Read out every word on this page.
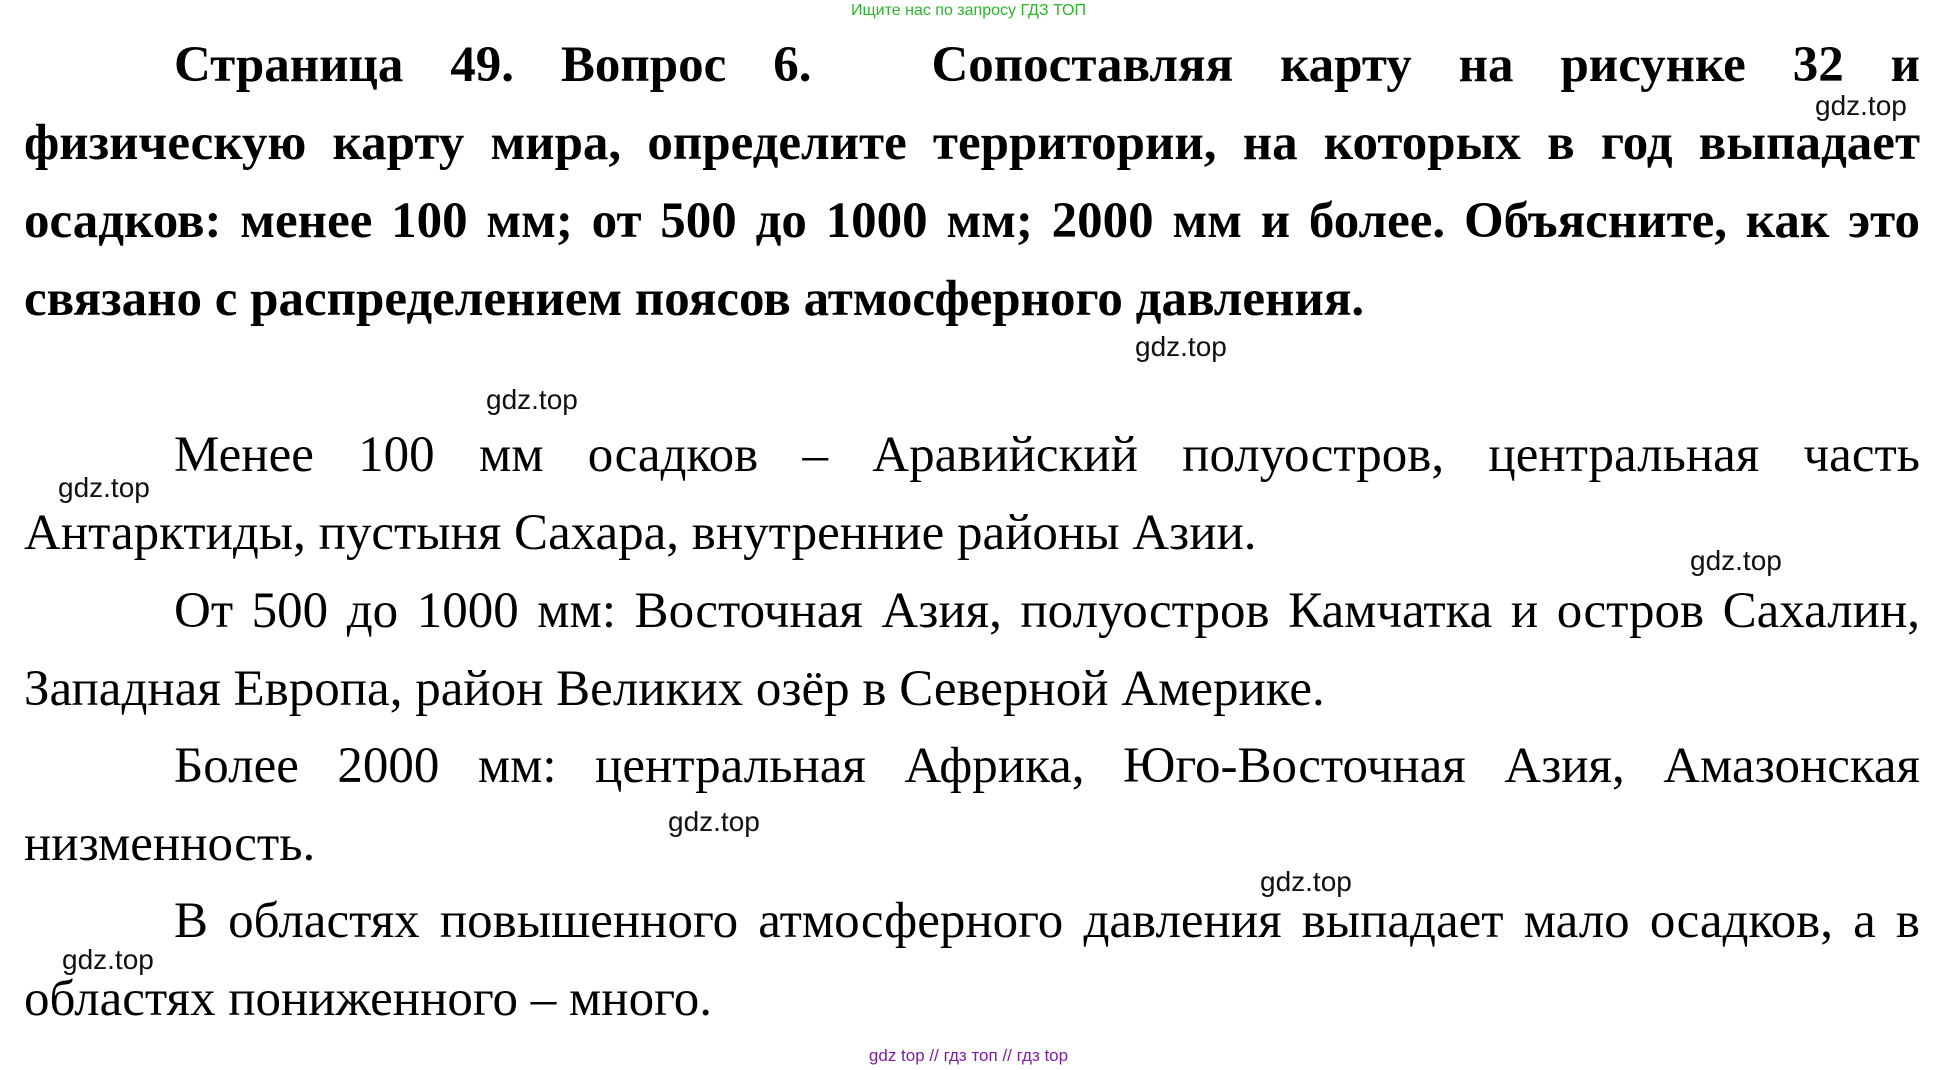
Ищите нас по запросу ГДЗ ТОП

Страница 49. Вопрос 6. Сопоставляя карту на рисунке 32 и физическую карту мира, определите территории, на которых в год выпадает осадков: менее 100 мм; от 500 до 1000 мм; 2000 мм и более. Объясните, как это связано с распределением поясов атмосферного давления.

Менее 100 мм осадков – Аравийский полуостров, центральная часть Антарктиды, пустыня Сахара, внутренние районы Азии.

От 500 до 1000 мм: Восточная Азия, полуостров Камчатка и остров Сахалин, Западная Европа, район Великих озёр в Северной Америке.

Более 2000 мм: центральная Африка, Юго-Восточная Азия, Амазонская низменность.

В областях повышенного атмосферного давления выпадает мало осадков, а в областях пониженного – много.

gdz.top
gdz.top
gdz.top
gdz.top
gdz.top
gdz.top
gdz.top
gdz.top
gdz top // гдз топ // гдз top
